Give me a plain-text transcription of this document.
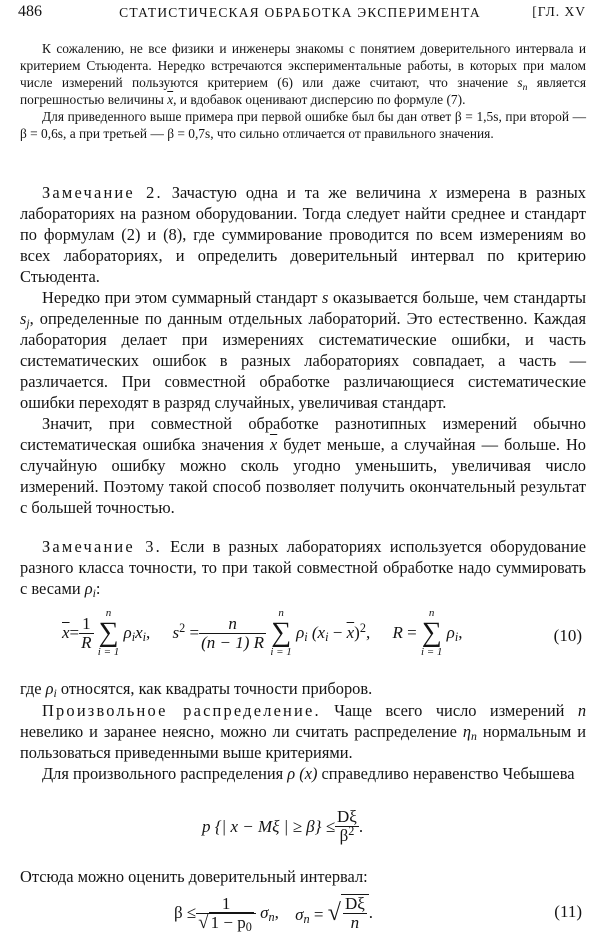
486	СТАТИСТИЧЕСКАЯ ОБРАБОТКА ЭКСПЕРИМЕНТА	[ГЛ. XV

К сожалению, не все физики и инженеры знакомы с понятием доверительного интервала и критерием Стьюдента. Нередко встречаются экспериментальные работы, в которых при малом числе измерений пользуются критерием (6) или даже считают, что значение $s_n$ является погрешностью величины $\overline{x}$, и вдобавок оценивают дисперсию по формуле (7).

Для приведенного выше примера при первой ошибке был бы дан ответ β = 1,5s, при второй — β = 0,6s, а при третьей — β = 0,7s, что сильно отличается от правильного значения.

Замечание 2. Зачастую одна и та же величина x измерена в разных лабораториях на разном оборудовании. Тогда следует найти среднее и стандарт по формулам (2) и (8), где суммирование проводится по всем измерениям во всех лабораториях, и определить доверительный интервал по критерию Стьюдента.

Нередко при этом суммарный стандарт s оказывается больше, чем стандарты $s_j$, определенные по данным отдельных лабораторий. Это естественно. Каждая лаборатория делает при измерениях систематические ошибки, и часть систематических ошибок в разных лабораториях совпадает, а часть — различается. При совместной обработке различающиеся систематические ошибки переходят в разряд случайных, увеличивая стандарт.

Значит, при совместной обработке разнотипных измерений обычно систематическая ошибка значения $\overline{x}$ будет меньше, а случайная — больше. Но случайную ошибку можно сколь угодно уменьшить, увеличивая число измерений. Поэтому такой способ позволяет получить окончательный результат с большей точностью.

Замечание 3. Если в разных лабораториях используется оборудование разного класса точности, то при такой совместной обработке надо суммировать с весами $\rho_i$:

$\overline{x}= \frac{1}{R}$

n
∑
i = 1
$\rho_ix_i$, $s^2 = \frac{n}{(n - 1) R}$

n
∑
i = 1
$\rho_i$ $(x_i - \overline{x})^2$, R =
n
∑
i = 1
$\rho_i$,	(10)
где $\rho_i$ относятся, как квадраты точности приборов.

Произвольное распределение. Чаще всего число измерений n невелико и заранее неясно, можно ли считать распределение $\eta_n$ нормальным и пользоваться приведенными выше критериями.

Для произвольного распределения ρ (x) справедливо неравенство Чебышева

p {| x − Mξ | ≥ $\beta\} \le \frac{D\xi}{\beta^2}$ .
Отсюда можно оценить доверительный интервал:
$\beta \le \frac{1}{√ 1 - p_0} \sigma_n$, $\sigma_n$ = √ $\frac{D\xi}{n}$ .	(11)
